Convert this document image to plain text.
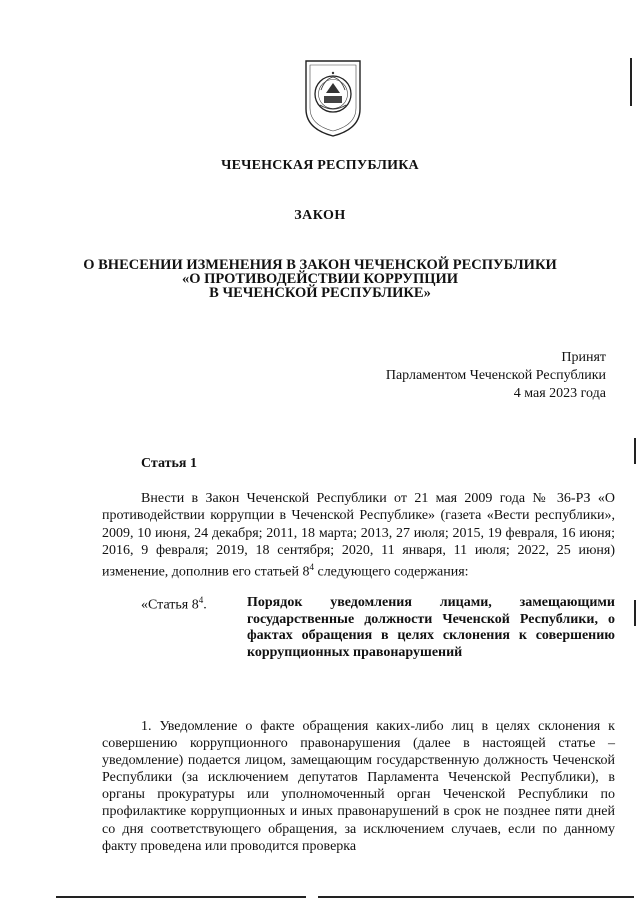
ЧЕЧЕНСКАЯ РЕСПУБЛИКА
ЗАКОН
О ВНЕСЕНИИ ИЗМЕНЕНИЯ В ЗАКОН ЧЕЧЕНСКОЙ РЕСПУБЛИКИ
«О ПРОТИВОДЕЙСТВИИ КОРРУПЦИИ
В ЧЕЧЕНСКОЙ РЕСПУБЛИКЕ»
Принят
Парламентом Чеченской Республики
4 мая 2023 года
Статья 1
Внести в Закон Чеченской Республики от 21 мая 2009 года № 36-РЗ «О противодействии коррупции в Чеченской Республике» (газета «Вести республики», 2009, 10 июня, 24 декабря; 2011, 18 марта; 2013, 27 июля; 2015, 19 февраля, 16 июня; 2016, 9 февраля; 2019, 18 сентября; 2020, 11 января, 11 июля; 2022, 25 июня) изменение, дополнив его статьей $8^4$ следующего содержания:
«Статья $8^4$.	Порядок уведомления лицами, замещающими государственные должности Чеченской Республики, о фактах обращения в целях склонения к совершению коррупционных правонарушений
1. Уведомление о факте обращения каких-либо лиц в целях склонения к совершению коррупционного правонарушения (далее в настоящей статье – уведомление) подается лицом, замещающим государственную должность Чеченской Республики (за исключением депутатов Парламента Чеченской Республики), в органы прокуратуры или уполномоченный орган Чеченской Республики по профилактике коррупционных и иных правонарушений в срок не позднее пяти дней со дня соответствующего обращения, за исключением случаев, если по данному факту проведена или проводится проверка
